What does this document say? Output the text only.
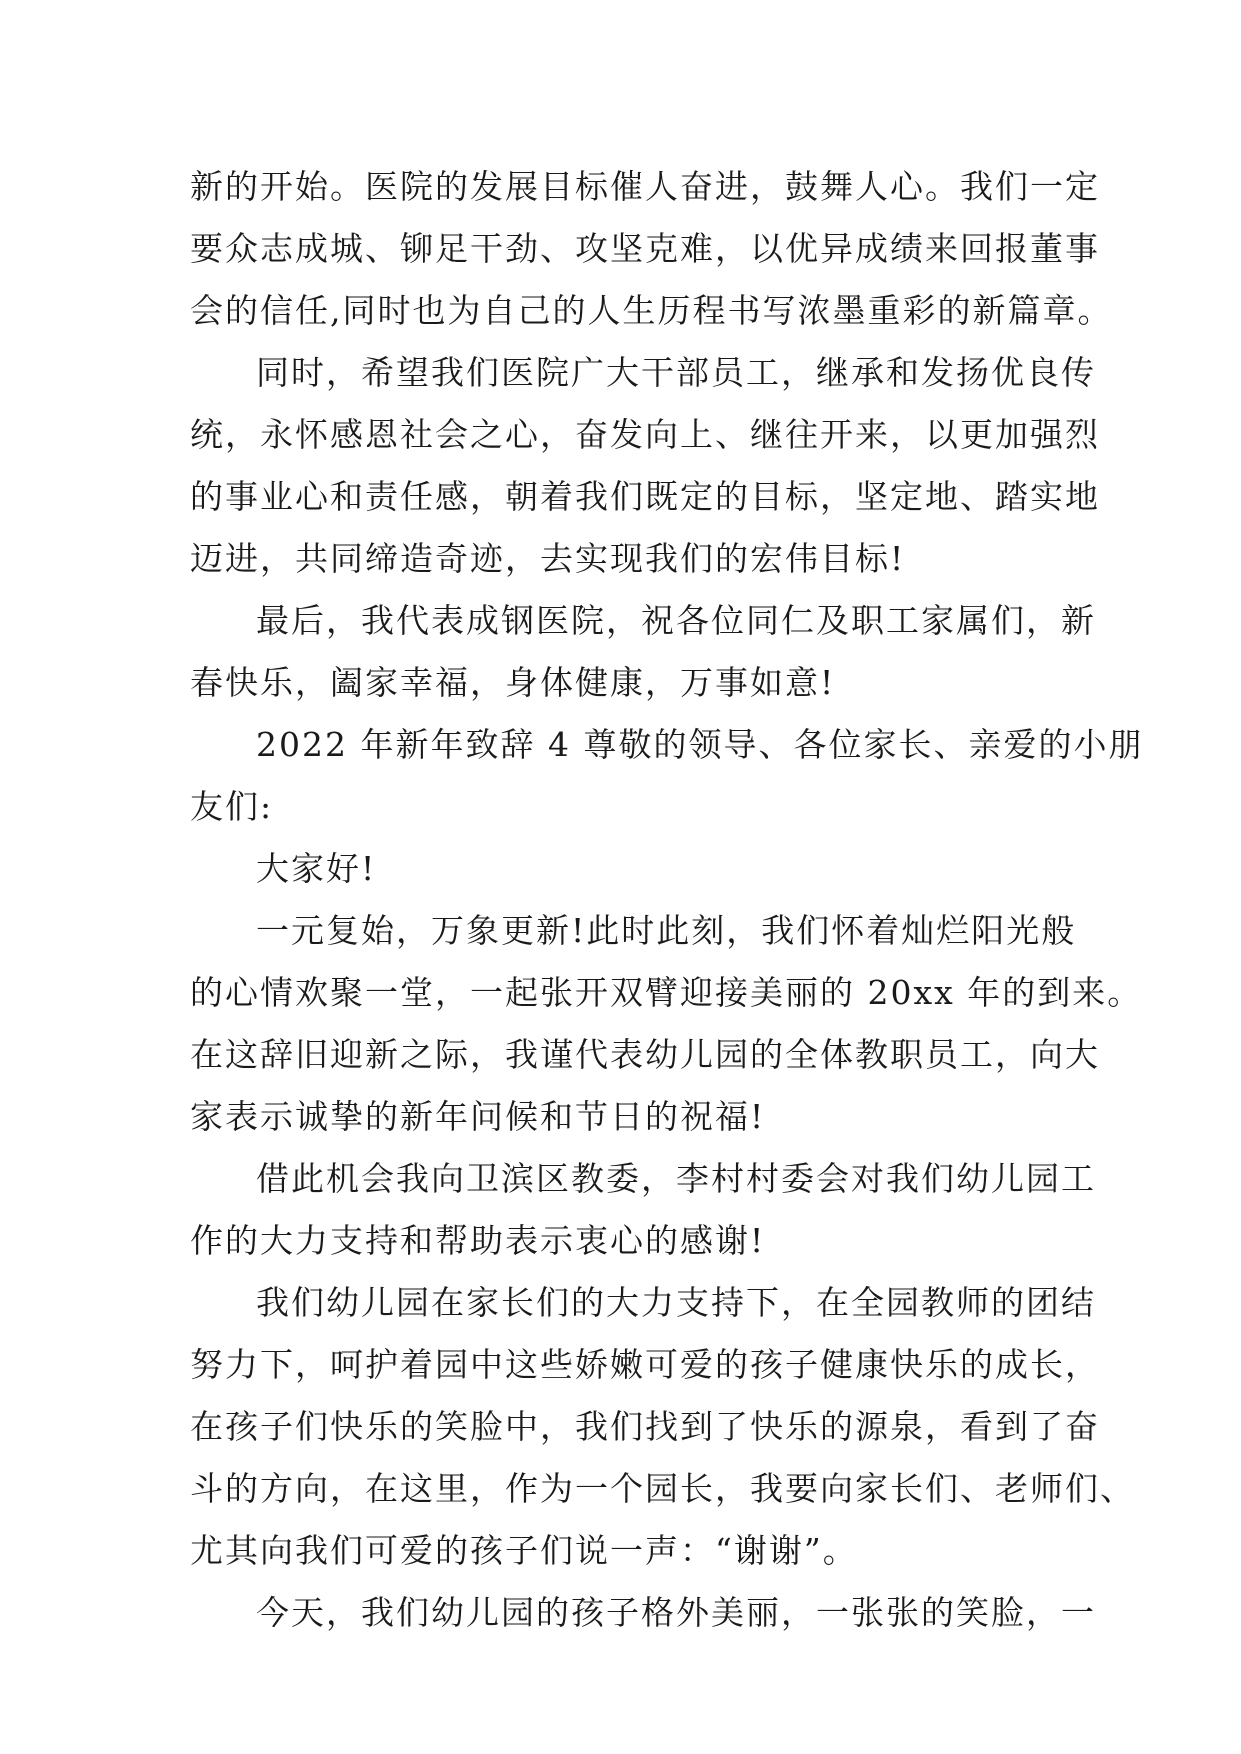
新的开始。医院的发展目标催人奋进，鼓舞人心。我们一定

要众志成城、铆足干劲、攻坚克难，以优异成绩来回报董事

会的信任,同时也为自己的人生历程书写浓墨重彩的新篇章。

同时，希望我们医院广大干部员工，继承和发扬优良传

统，永怀感恩社会之心，奋发向上、继往开来，以更加强烈

的事业心和责任感，朝着我们既定的目标，坚定地、踏实地

迈进，共同缔造奇迹，去实现我们的宏伟目标!

最后，我代表成钢医院，祝各位同仁及职工家属们，新

春快乐，阖家幸福，身体健康，万事如意!

2022 年新年致辞 4 尊敬的领导、各位家长、亲爱的小朋

友们:

大家好!

一元复始，万象更新!此时此刻，我们怀着灿烂阳光般

的心情欢聚一堂，一起张开双臂迎接美丽的 20xx 年的到来。

在这辞旧迎新之际，我谨代表幼儿园的全体教职员工，向大

家表示诚挚的新年问候和节日的祝福!

借此机会我向卫滨区教委，李村村委会对我们幼儿园工

作的大力支持和帮助表示衷心的感谢!

我们幼儿园在家长们的大力支持下，在全园教师的团结

努力下，呵护着园中这些娇嫩可爱的孩子健康快乐的成长，

在孩子们快乐的笑脸中，我们找到了快乐的源泉，看到了奋

斗的方向，在这里，作为一个园长，我要向家长们、老师们、

尤其向我们可爱的孩子们说一声：“谢谢”。

今天，我们幼儿园的孩子格外美丽，一张张的笑脸，一
